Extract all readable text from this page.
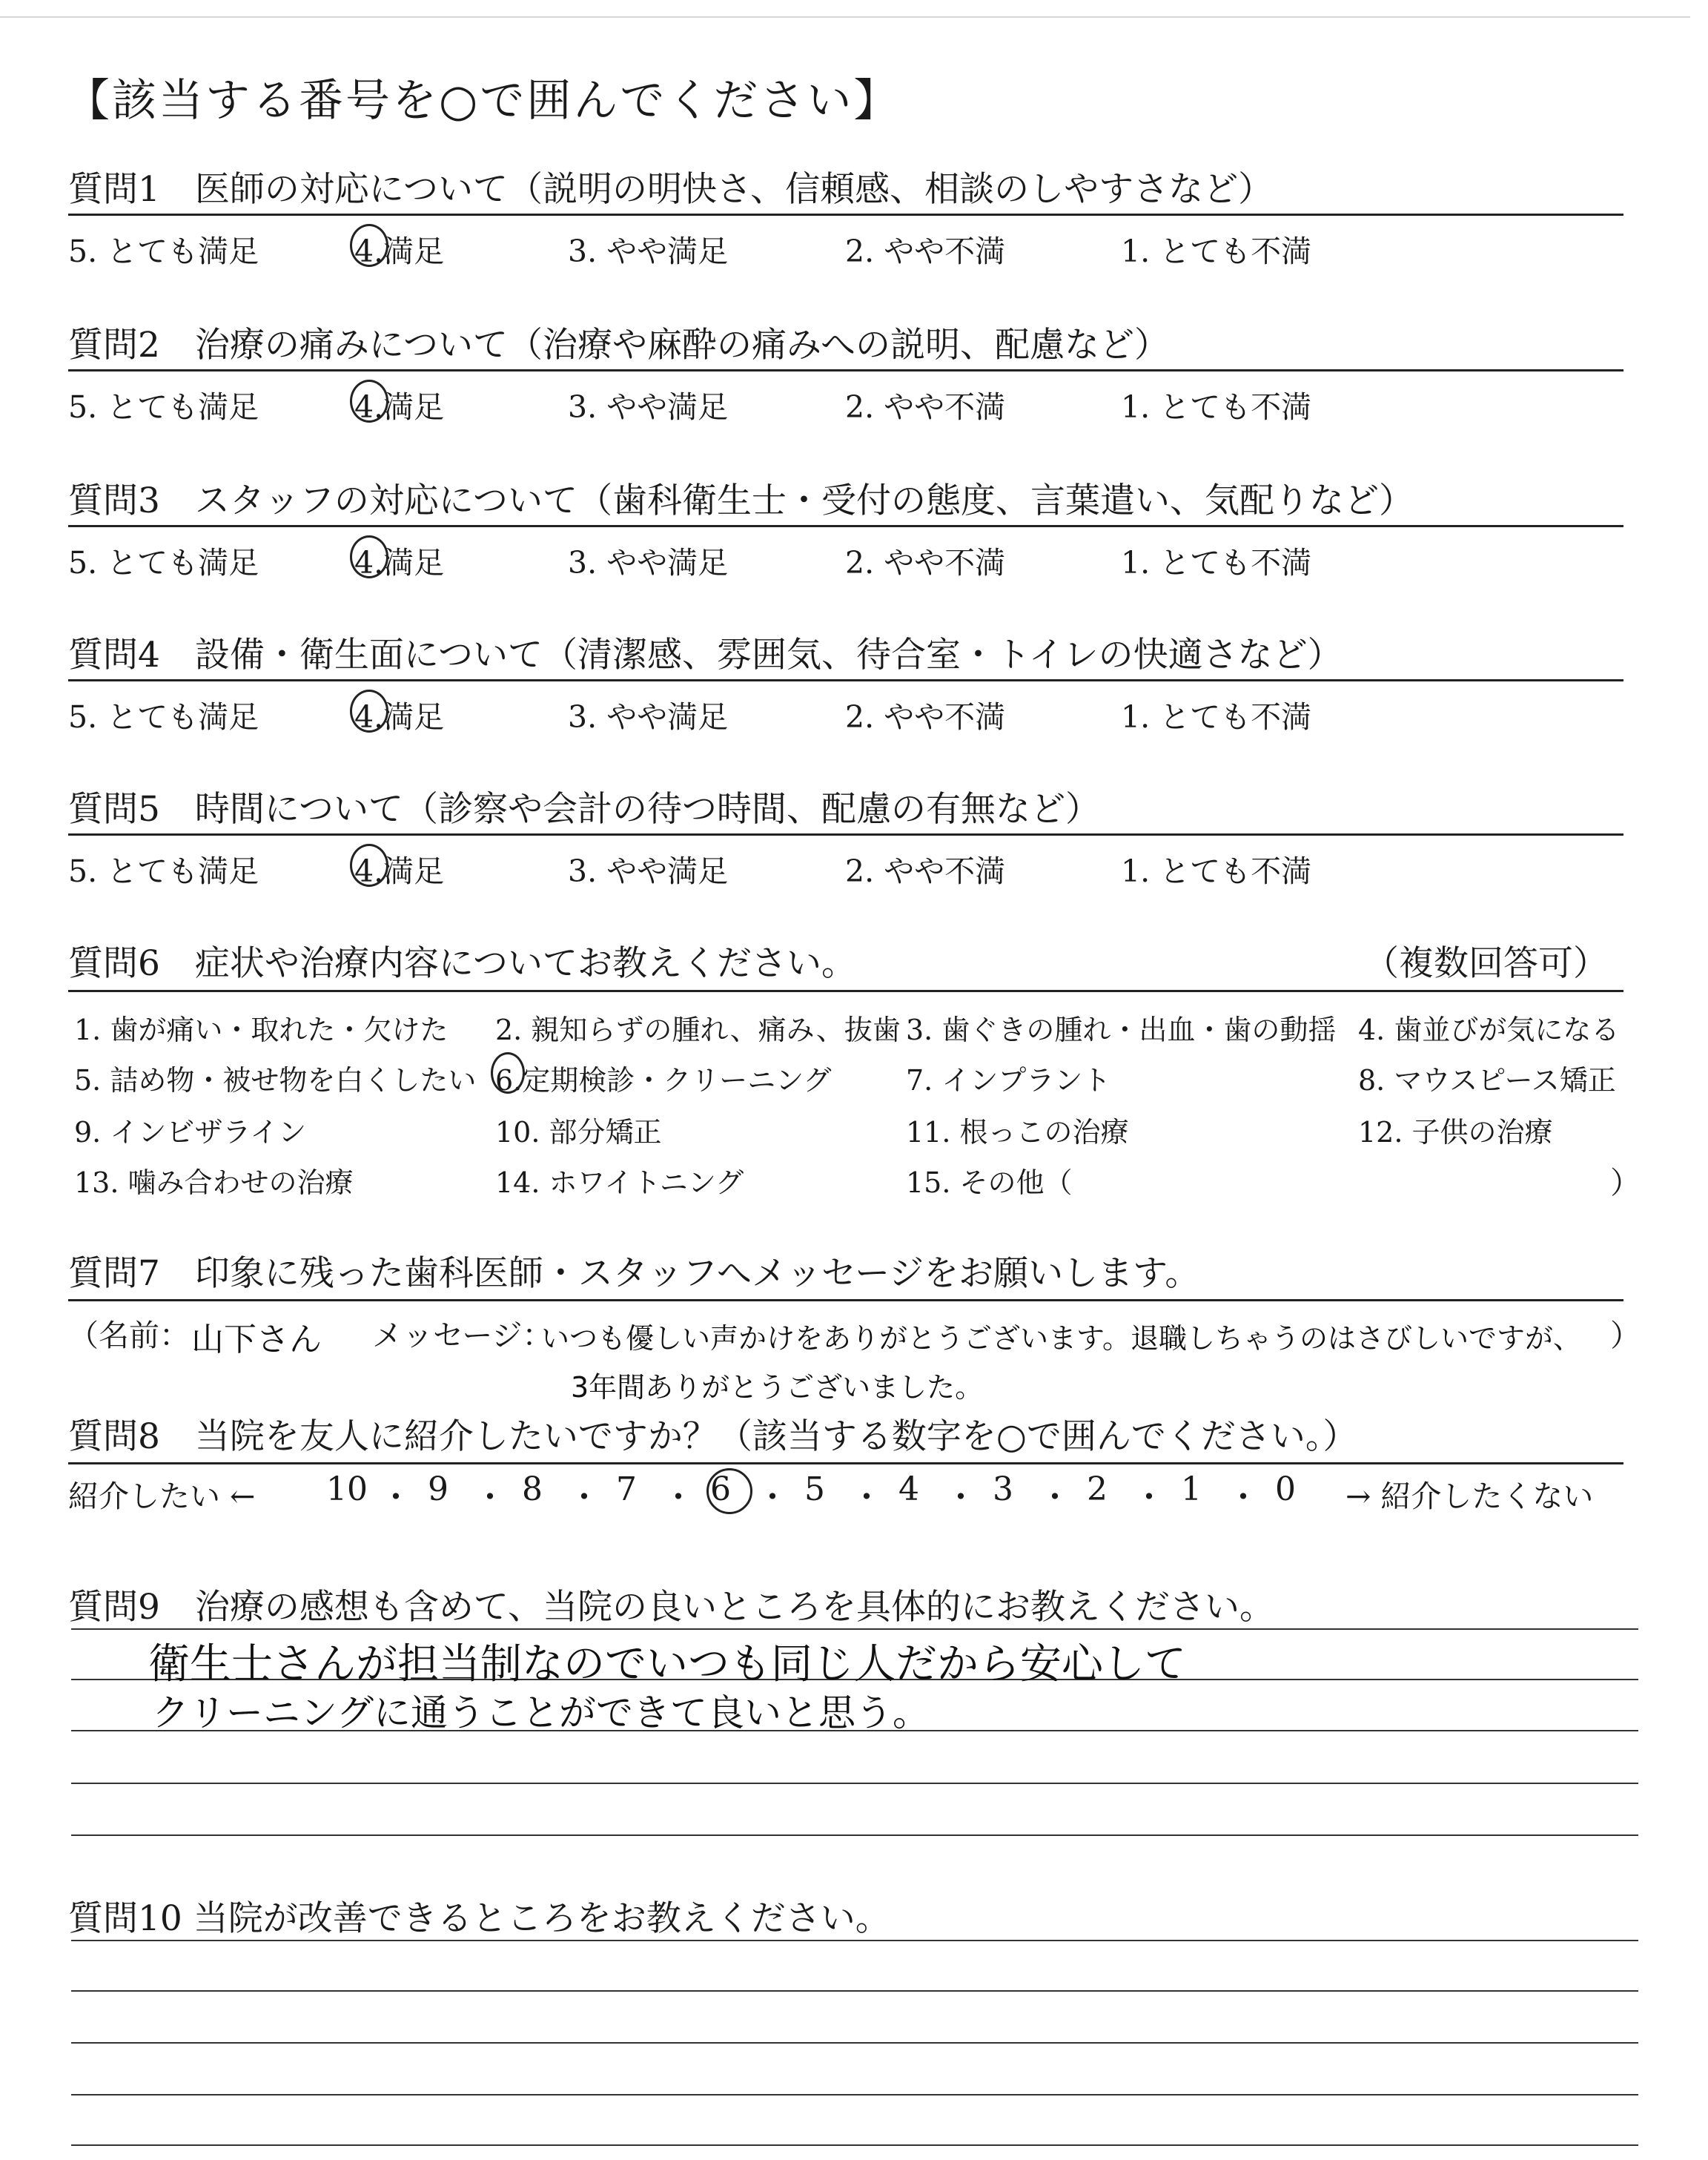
【該当する番号を○で囲んでください】
質問1　医師の対応について（説明の明快さ、信頼感、相談のしやすさなど）
5. とても満足	4.満足	3. やや満足	2. やや不満	1. とても不満
質問2　治療の痛みについて（治療や麻酔の痛みへの説明、配慮など）
5. とても満足	4.満足	3. やや満足	2. やや不満	1. とても不満
質問3　スタッフの対応について（歯科衛生士・受付の態度、言葉遣い、気配りなど）
5. とても満足	4.満足	3. やや満足	2. やや不満	1. とても不満
質問4　設備・衛生面について（清潔感、雰囲気、待合室・トイレの快適さなど）
5. とても満足	4.満足	3. やや満足	2. やや不満	1. とても不満
質問5　時間について（診察や会計の待つ時間、配慮の有無など）
5. とても満足	4.満足	3. やや満足	2. やや不満	1. とても不満
質問6　症状や治療内容についてお教えください。	（複数回答可）
1. 歯が痛い・取れた・欠けた 2. 親知らずの腫れ、痛み、抜歯 3. 歯ぐきの腫れ・出血・歯の動揺 4. 歯並びが気になる
5. 詰め物・被せ物を白くしたい 6.定期検診・クリーニング	7. インプラント	8. マウスピース矯正
9. インビザライン	10. 部分矯正	11. 根っこの治療	12. 子供の治療
13. 噛み合わせの治療	14. ホワイトニング	15. その他（	）
質問7　印象に残った歯科医師・スタッフへメッセージをお願いします。
（名前： 山下さん メッセージ：
いつも優しい声かけをありがとうございます。退職しちゃうのはさびしいですが、 ）
3年間ありがとうございました。
質問8　当院を友人に紹介したいですか？（該当する数字を○で囲んでください。）
紹介したい ← 10 ・ 9 ・ 8 ・ 7 ・ 6 ・ 5 ・ 4 ・ 3 ・ 2 ・ 1 ・ 0 → 紹介したくない
質問9　治療の感想も含めて、当院の良いところを具体的にお教えください。
衛生士さんが担当制なのでいつも同じ人だから安心して
クリーニングに通うことができて良いと思う。
質問10 当院が改善できるところをお教えください。
